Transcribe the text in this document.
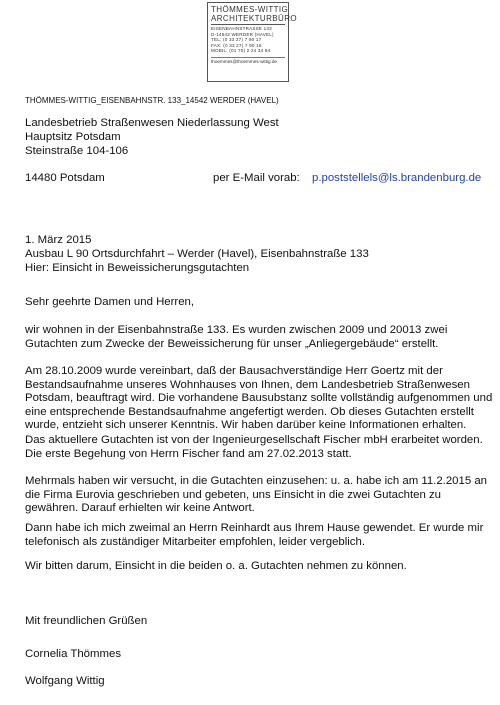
THÖMMES-WITTIG
ARCHITEKTURBÜRO
EISENBAHNSTRASSE 133
D-14542 WERDER (HAVEL)
TEL: (0 33 27) 7 90 17
FAX: (0 33 27) 7 90 18
MOBIL: (01 70) 2 24 34 84
thoemmes@thoemmes-wittig.de
THÖMMES-WITTIG_EISENBAHNSTR. 133_14542 WERDER (HAVEL)
Landesbetrieb Straßenwesen Niederlassung West
Hauptsitz Potsdam
Steinstraße 104-106
14480 Potsdam	per E-Mail vorab: p.poststellels@ls.brandenburg.de
1. März 2015
Ausbau L 90 Ortsdurchfahrt – Werder (Havel), Eisenbahnstraße 133
Hier: Einsicht in Beweissicherungsgutachten
Sehr geehrte Damen und Herren,
wir wohnen in der Eisenbahnstraße 133. Es wurden zwischen 2009 und 20013 zwei
Gutachten zum Zwecke der Beweissicherung für unser „Anliegergebäude“ erstellt.
Am 28.10.2009 wurde vereinbart, daß der Bausachverständige Herr Goertz mit der
Bestandsaufnahme unseres Wohnhauses von Ihnen, dem Landesbetrieb Straßenwesen
Potsdam, beauftragt wird. Die vorhandene Bausubstanz sollte vollständig aufgenommen und
eine entsprechende Bestandsaufnahme angefertigt werden. Ob dieses Gutachten erstellt
wurde, entzieht sich unserer Kenntnis. Wir haben darüber keine Informationen erhalten.
Das aktuellere Gutachten ist von der Ingenieurgesellschaft Fischer mbH erarbeitet worden.
Die erste Begehung von Herrn Fischer fand am 27.02.2013 statt.
Mehrmals haben wir versucht, in die Gutachten einzusehen: u. a. habe ich am 11.2.2015 an
die Firma Eurovia geschrieben und gebeten, uns Einsicht in die zwei Gutachten zu
gewähren. Darauf erhielten wir keine Antwort.
Dann habe ich mich zweimal an Herrn Reinhardt aus Ihrem Hause gewendet. Er wurde mir
telefonisch als zuständiger Mitarbeiter empfohlen, leider vergeblich.
Wir bitten darum, Einsicht in die beiden o. a. Gutachten nehmen zu können.
Mit freundlichen Grüßen
Cornelia Thömmes
Wolfgang Wittig
